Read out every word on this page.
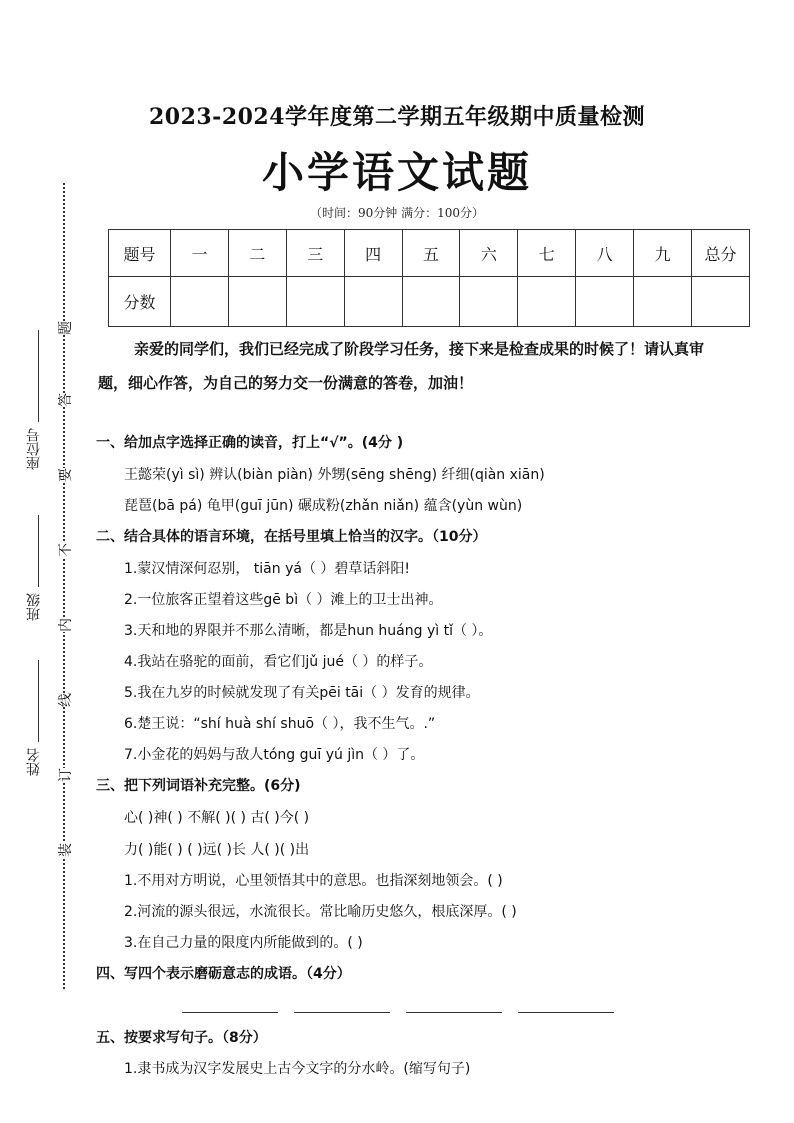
题
答
要
不
内
线
订
装
座位号
班级
姓名
2023-2024学年度第二学期五年级期中质量检测
小学语文试题
（时间：90分钟 满分：100分）
题号	一	二	三	四	五	六	七	八	九	总分
分数										
亲爱的同学们，我们已经完成了阶段学习任务，接下来是检查成果的时候了！请认真审题，细心作答，为自己的努力交一份满意的答卷，加油！
一、给加点字选择正确的读音，打上“√”。(4分 )
王懿荣(yì sì) 辨认(biàn piàn) 外甥(sēng shēng) 纤细(qiàn xiān)
琵琶(bā pá) 龟甲(guī jūn) 碾成粉(zhǎn niǎn) 蕴含(yùn wùn)
二、结合具体的语言环境，在括号里填上恰当的汉字。（10分）
1.蒙汉情深何忍别， tiān yá（ ）碧草话斜阳!
2.一位旅客正望着这些gē bì（ ）滩上的卫士出神。
3.天和地的界限并不那么清晰，都是hun huáng yì tǐ（ ）。
4.我站在骆驼的面前，看它们jǔ jué（ ）的样子。
5.我在九岁的时候就发现了有关pēi tāi（ ）发育的规律。
6.楚王说：“shí huà shí shuō（ ），我不生气。.”
7.小金花的妈妈与敌人tóng guī yú jìn（ ）了。
三、把下列词语补充完整。(6分)
心( )神( ) 不解( )( ) 古( )今( )
力( )能( ) ( )远( )长 人( )( )出
1.不用对方明说，心里领悟其中的意思。也指深刻地领会。( )
2.河流的源头很远，水流很长。常比喻历史悠久，根底深厚。( )
3.在自己力量的限度内所能做到的。( )
四、写四个表示磨砺意志的成语。（4分）
五、按要求写句子。（8分）
1.隶书成为汉字发展史上古今文字的分水岭。(缩写句子)
